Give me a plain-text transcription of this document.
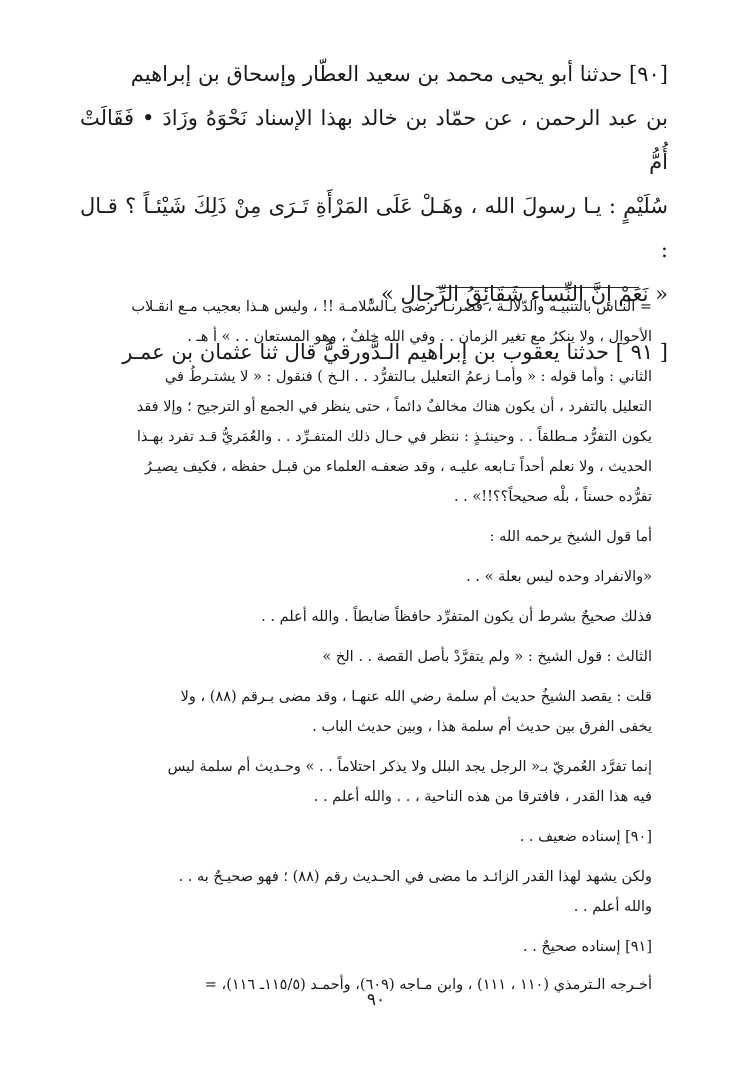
[٩٠] حدثنا أبو يحيى محمد بن سعيد العطّار وإسحاق بن إبراهيم

بن عبد الرحمن ، عن حمّاد بن خالد بهذا الإسناد نَحْوَهُ وزَادَ • فَقَالَتْ أُمُّ

سُلَيْمٍ : يـا رسولَ الله ، وهَـلْ عَلَى المَرْأَةِ تَـرَى مِنْ ذَلِكَ شَيْئـاً ؟ قـال :

« نَعَمْ إنَّ النِّساء شَقَائِقُ الرِّجالِ » .

[ ٩١ ] حدثنا يعقوب بن إبراهيم الـدَّورقيُّ قال ثنا عثمان بن عمـر

= النـاس بالتنبيـه والدّلالـة ، فصرنـا نرضى بـالسَّلامـة !! ، وليس هـذا بعجيب مـع انقـلاب

الأحوال ، ولا ينكرُ مع تغير الزمان . . وفي الله خلفٌ ، وهو المستعان . . » أ هـ .

الثاني : وأما قوله : « وأمـا زعمُ التعليل بـالتفرُّد . . الـخ ) فنقول : « لا يشتـرطُ في

التعليل بالتفرد ، أن يكون هناك مخالفٌ دائماً ، حتى ينظر في الجمع أو الترجيح ؛ وإلا فقد

يكون التفرُّد مـطلقاً . . وحينئـذٍ : ننظر في حـال ذلك المتفـرِّد . . والعُمَريُّ قـد تفرد بهـذا

الحديث ، ولا نعلم أحداً تـابعه عليـه ، وقد ضعفـه العلماء من قبـل حفظه ، فكيف يصيـرُ

تفرُّده حسناً ، بلْه صحيحاً؟؟!!» . .

أما قول الشيخ يرحمه الله :

«والانفراد وحده ليس بعلة » . .

فذلك صحيحٌ بشرط أن يكون المتفرِّد حافظاً ضابطاً . والله أعلم . .

الثالث : قول الشيخ : « ولم يتفرَّدْ بأصل القصة . . الخ »

قلت : يقصد الشيخُ حديث أم سلمة رضي الله عنهـا ، وقد مضى بـرقم (٨٨) ، ولا

يخفى الفرق بين حديث أم سلمة هذا ، وبين حديث الباب .

إنما تفرَّد العُمريّ بـ« الرجل يجد البلل ولا يذكر احتلاماً . . » وحـديث أم سلمة ليس

فيه هذا القدر ، فافترقا من هذه الناحية ، . . والله أعلم . .

[٩٠] إسناده ضعيف . .

ولكن يشهد لهذا القدر الزائـد ما مضى في الحـديث رقم (٨٨) ؛ فهو صحيـحٌ به . .

والله أعلم . .

[٩١] إسناده صحيحٌ . .

أخـرجه الـترمذي (١١٠ ، ١١١) ، وابن مـاجه (٦٠٩)، وأحمـد (١١٥/٥ـ ١١٦)، =

٩٠
